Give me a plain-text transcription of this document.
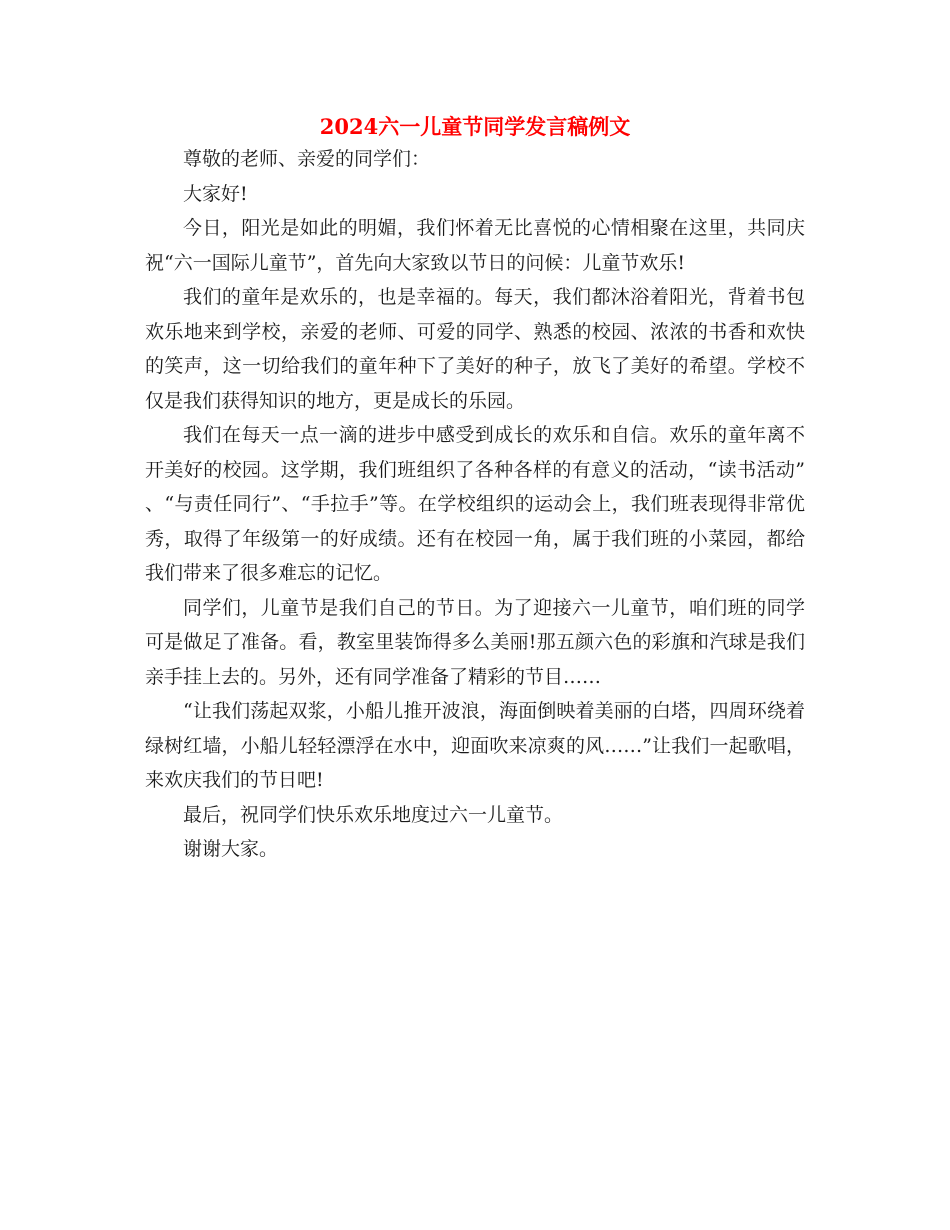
2024六一儿童节同学发言稿例文

尊敬的老师、亲爱的同学们：

大家好!

今日，阳光是如此的明媚，我们怀着无比喜悦的心情相聚在这里，共同庆祝“六一国际儿童节”，首先向大家致以节日的问候：儿童节欢乐!

我们的童年是欢乐的，也是幸福的。每天，我们都沐浴着阳光，背着书包欢乐地来到学校，亲爱的老师、可爱的同学、熟悉的校园、浓浓的书香和欢快的笑声，这一切给我们的童年种下了美好的种子，放飞了美好的希望。学校不仅是我们获得知识的地方，更是成长的乐园。

我们在每天一点一滴的进步中感受到成长的欢乐和自信。欢乐的童年离不开美好的校园。这学期，我们班组织了各种各样的有意义的活动，“读书活动”、“与责任同行”、“手拉手”等。在学校组织的运动会上，我们班表现得非常优秀，取得了年级第一的好成绩。还有在校园一角，属于我们班的小菜园，都给我们带来了很多难忘的记忆。

同学们，儿童节是我们自己的节日。为了迎接六一儿童节，咱们班的同学可是做足了准备。看，教室里装饰得多么美丽!那五颜六色的彩旗和汽球是我们亲手挂上去的。另外，还有同学准备了精彩的节目……

“让我们荡起双浆，小船儿推开波浪，海面倒映着美丽的白塔，四周环绕着绿树红墙，小船儿轻轻漂浮在水中，迎面吹来凉爽的风……”让我们一起歌唱，来欢庆我们的节日吧!

最后，祝同学们快乐欢乐地度过六一儿童节。

谢谢大家。
